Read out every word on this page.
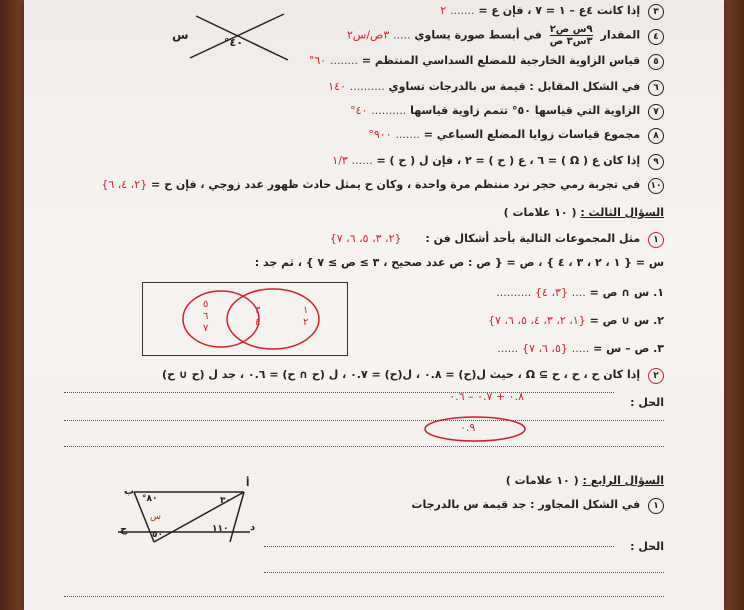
٣ إذا كانت ٤ع – ١ = ٧ ، فإن ع = ....... ٢
٤ المقدار
٩س ص٢
٣س٣ ص
في أبسط صورة يساوي ..... ٣ص/س٢
٥ قياس الزاوية الخارجية للمضلع السداسي المنتظم = ........ ٦٠°
٦ في الشكل المقابل : قيمة س بالدرجات تساوي .......... ١٤٠
٧ الزاوية التي قياسها ٥٠° تتمم زاوية قياسها .......... ٤٠°
٨ مجموع قياسات زوايا المضلع السباعي = ....... ٩٠٠°
٩ إذا كان ع ( Ω ) = ٦ ، ع ( ح ) = ٢ ، فإن ل ( ح ) = ...... ١/٣
١٠ في تجربة رمي حجر نرد منتظم مرة واحدة ، وكان ح يمثل حادث ظهور عدد زوجي ، فإن ح = {٢، ٤، ٦}
٤٠°
س
السؤال الثالث : ( ١٠ علامات )
١ مثل المجموعات التالية بأحد أشكال فن : {٢، ٣، ٥، ٦، ٧}
س = { ١ ، ٢ ، ٣ ، ٤ } ، ص = { ص : ص عدد صحيح ، ٣ ≥ ص ≥ ٧ } ، ثم جد :
١. س ∩ ص = .... {٣، ٤} ..........
٢. س ∪ ص = {١، ٢، ٣، ٤، ٥، ٦، ٧}
٣. ص – س = ..... {٥، ٦، ٧} ......
١
٢
٣
٤
٥
٦
٧
٢ إذا كان ح ، ح ، ح ⊇ Ω ، حيث ل(ح) = ٠.٨ ، ل(ح) = ٠.٧ ، ل (ح ∩ ح) = ٠.٦ ، جد ل (ح ∪ ح)
الحل :
٠.٨ + ٠.٧ – ٠.٦
٠.٩
السؤال الرابع : ( ١٠ علامات )
١ في الشكل المجاور : جد قيمة س بالدرجات
الحل :
أ
ب
ج	د
٨٠°	٣٠
س
١١٠
٥٠
